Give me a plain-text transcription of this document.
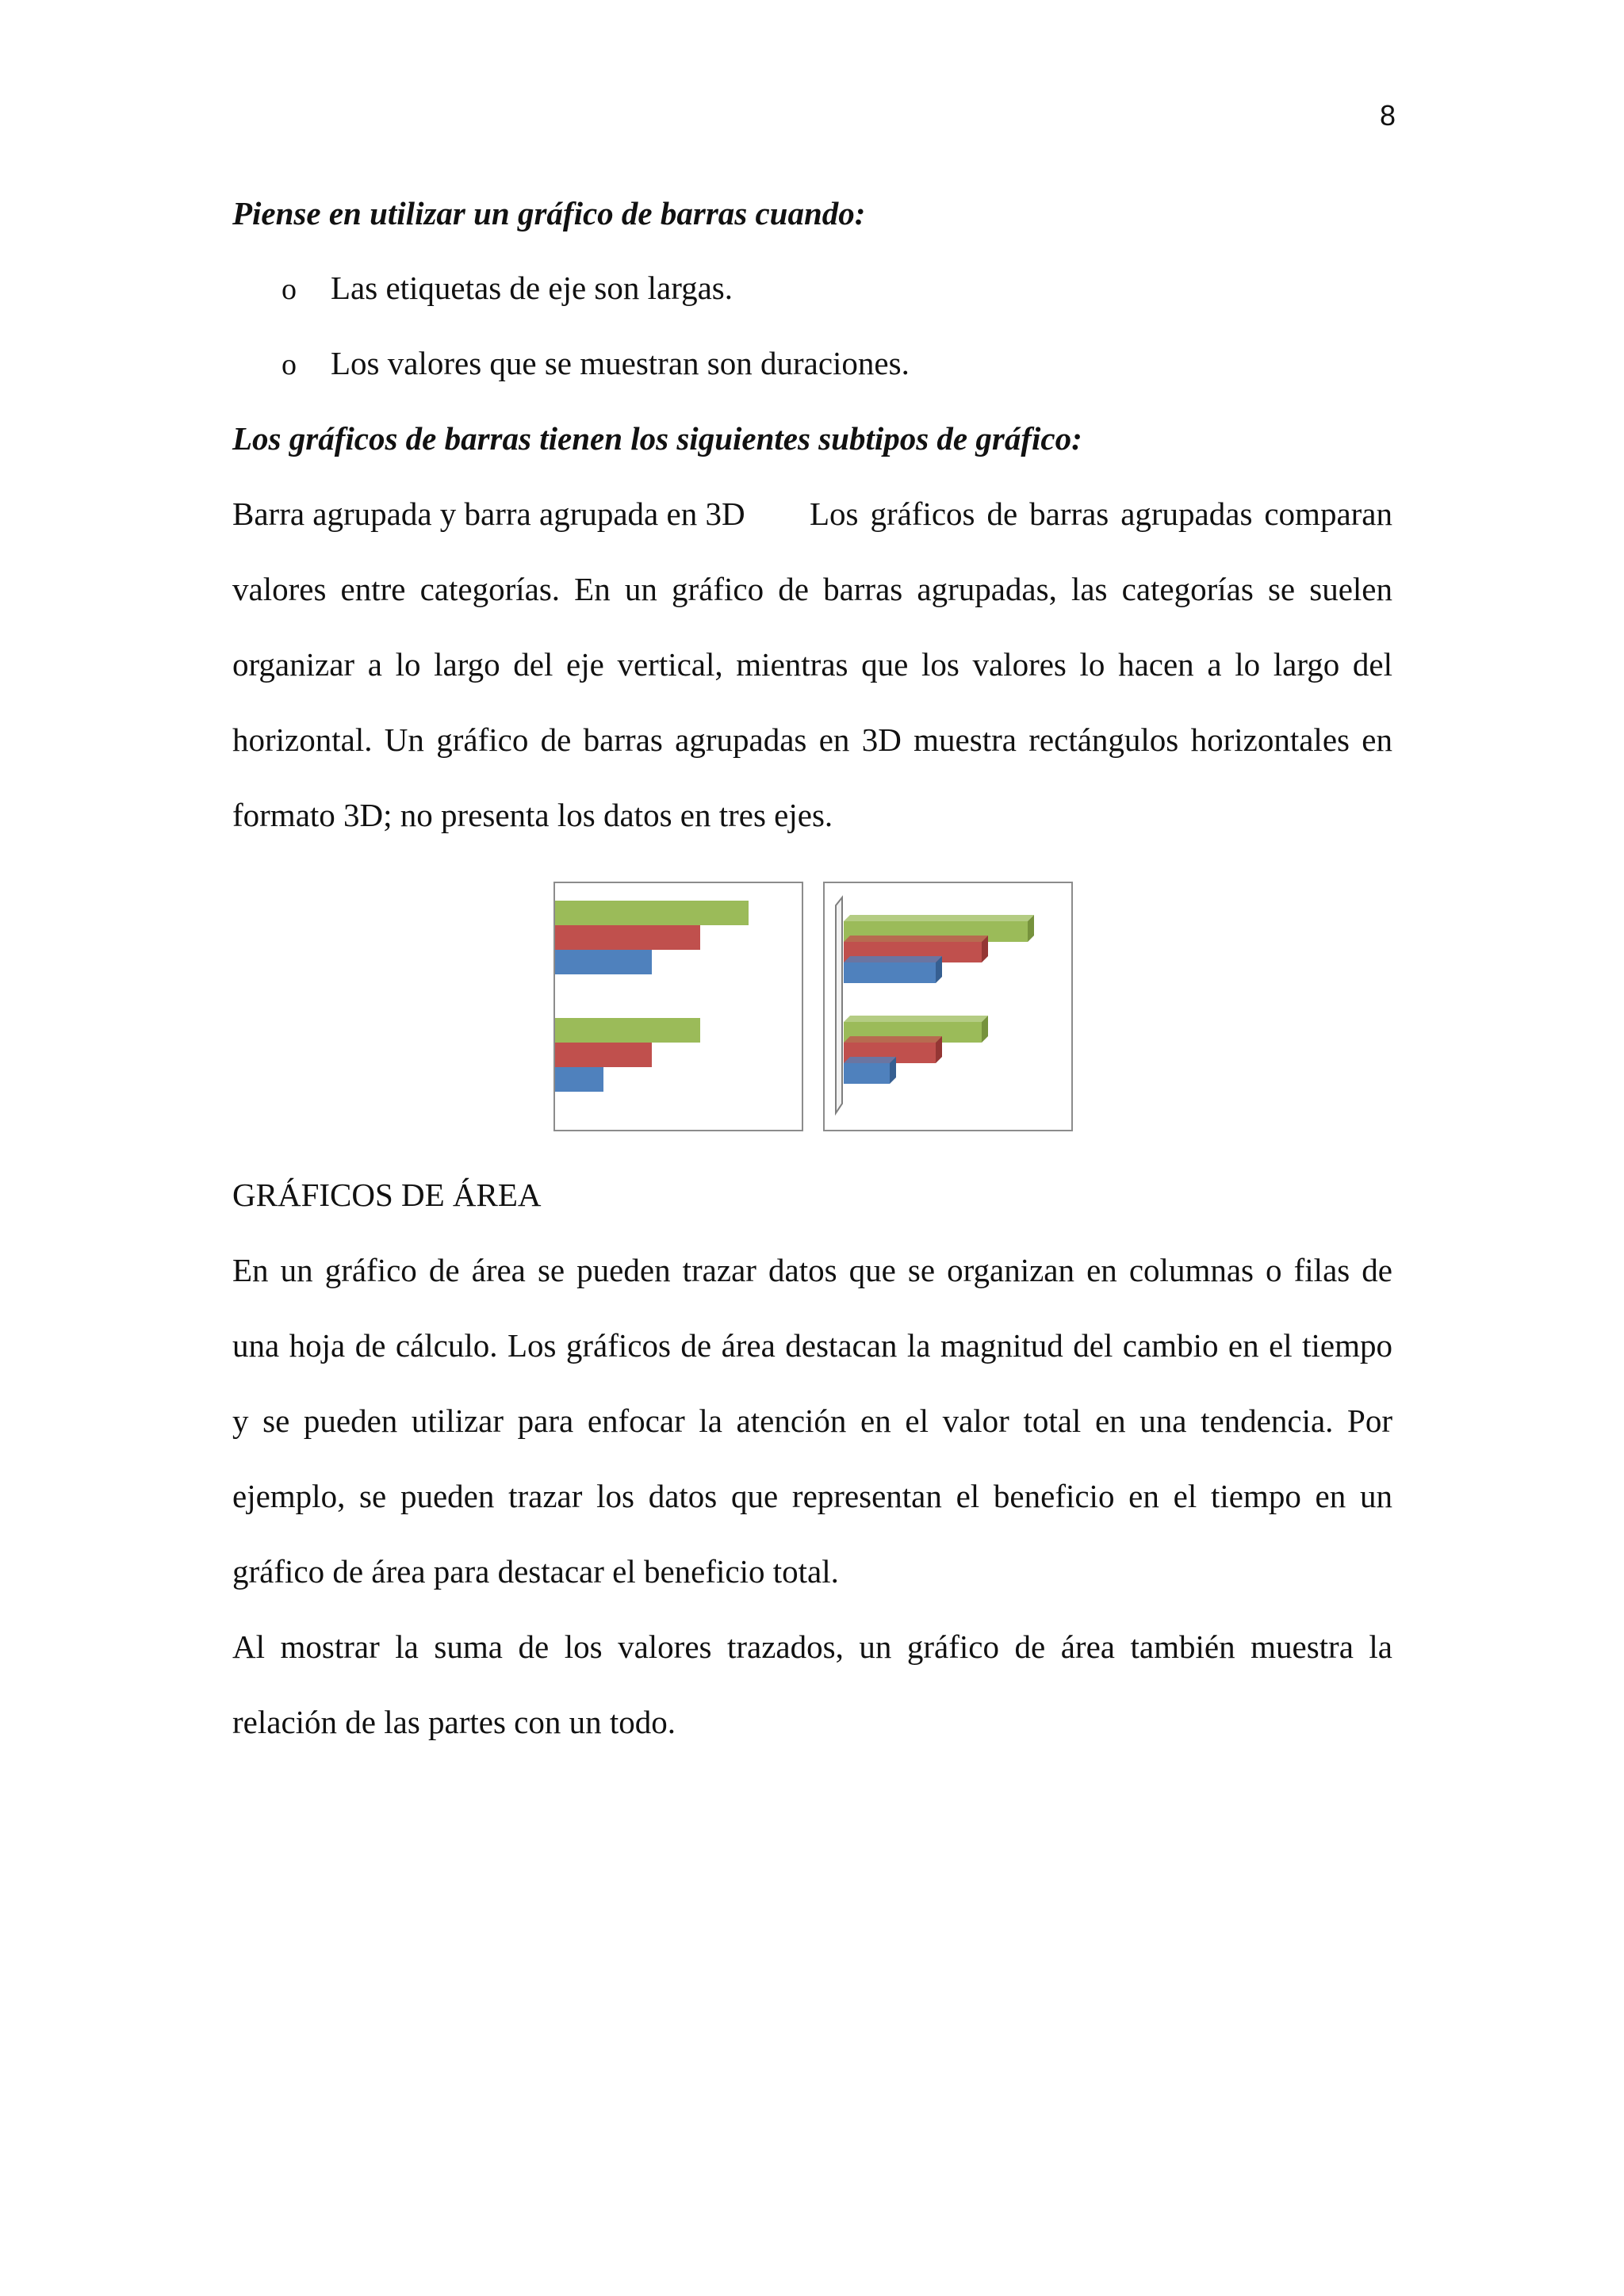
8
Piense en utilizar un gráfico de barras cuando:
o Las etiquetas de eje son largas.
o Los valores que se muestran son duraciones.
Los gráficos de barras tienen los siguientes subtipos de gráfico:
Barra agrupada y barra agrupada en 3D Los gráficos de barras agrupadas comparan
valores entre categorías. En un gráfico de barras agrupadas, las categorías se suelen
organizar a lo largo del eje vertical, mientras que los valores lo hacen a lo largo del
horizontal. Un gráfico de barras agrupadas en 3D muestra rectángulos horizontales en
formato 3D; no presenta los datos en tres ejes.
GRÁFICOS DE ÁREA
En un gráfico de área se pueden trazar datos que se organizan en columnas o filas de
una hoja de cálculo. Los gráficos de área destacan la magnitud del cambio en el tiempo
y se pueden utilizar para enfocar la atención en el valor total en una tendencia. Por
ejemplo, se pueden trazar los datos que representan el beneficio en el tiempo en un
gráfico de área para destacar el beneficio total.
Al mostrar la suma de los valores trazados, un gráfico de área también muestra la
relación de las partes con un todo.
